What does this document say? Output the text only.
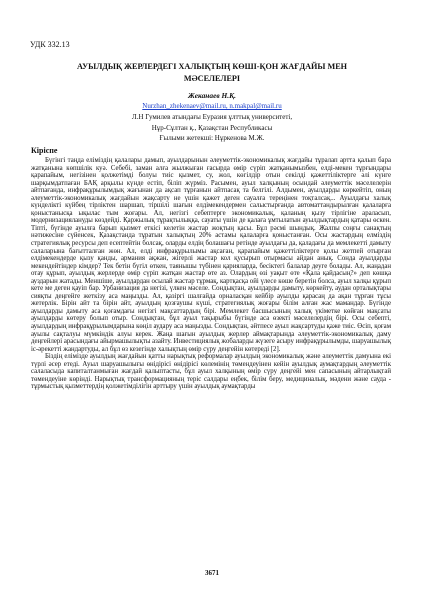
УДК 332.13
АУЫЛДЫҚ ЖЕРЛЕРДЕГІ ХАЛЫҚТЫҢ КӨШІ-ҚОН ЖАҒДАЙЫ МЕН
МӘСЕЛЕЛЕРІ
Жеканаев Н.Қ.
Nurzhan_zhekenaev@mail.ru, n.makpal@mail.ru
Л.Н Гумилев атындағы Еуразия ұлттық университеті,
Нұр-Сұлтан қ., Қазақстан Республикасы
Ғылыми жетекші: Нұркенова М.Ж.
Кіріспе

Бүгінгі таңда еліміздің қалалары дамып, ауылдарынын әлеуметтік-экономикалық жағдайы тұралап артта қалып бара жатқанына көпшілік куә. Себебі, заман алға жылжыған ғасырда өмір сүріп жатқанымызбен, елді-мекен тұрғындары қарапайым, негізінен қолжетімді болуы тиіс қызмет, су, жол, көгілдір отын секілді қажеттіліктерге әлі күнге шарқымдатпаған БАҚ арқылы күнде естіп, біліп жүрміз. Расымен, ауыл халқының осындай әлеуметтік мәселелерін айтпағанда, инфрақұрылымдық жағынан да ақсап тұрғанын айтпасақ та белгілі. Алдымен, ауылдарды көркейтіп, оның әлеуметтік-экономикалық жағдайын жақсарту не үшін қажет деген сауалға тереңінен тоқталсақ... Ауылдағы халық күнделікті күйбең тірліктен шаршап, тіршілі шағын елдімекендермен салыстырғанда автоматтандырылған қалаларға қоныстанысқа ықылас тым жоғары. Ал, негізгі себептерге экономикалық, қаланың қызу тірлігіне араласып, модернизациялануды көздейді. Қаржылық тұрақтылыққа, сауаты үшін де қалаға ұмтылатын ауылдықтардың қатары өскен. Тіпті, бүгінде ауылға барып қызмет еткісі келетін жастар жоқтың қасы. Бұл рәсмі шындық. Жалпы соңғы санақтың нәтижесіне сүйенсек, Қазақстанда тұратын халықтың 20% астамы қалаларға қоныстанған. Осы жастардың елміздің стратегиялық ресурсы деп есептейтін болсақ, оларды елдің болашағы ретінде ауылдағы да, қаладағы да мемлекетті дамыту салаларына бағытталған жөн. Ал, елді инфрақұрылымы ақсаған, қарапайым қажеттіліктерге қолы жетпей отырған елдімекендерде қызу қанды, армания ақжан, жігерлі жастар кол қусырып отырмасы айдан анық. Сонда ауылдарды мекендейтіндер кімдер? Тек бетін бүгіл өткен, таянышы түбінен қарияларда, бесіктегі балалар деуге болады. Ал, жаңадан отау құрып, ауылдық жерлерде өмір сүріп жатқан жастар өте аз. Олардың өзі уақыт өте «Қала қайдасың?» деп көшқа ауздарын жатады. Меншіше, ауылдардан осылай жастар тұрмақ, картқасқа ойі үлесе көше беретін болса, ауыл халқы құрып кете ме деген қауіп бар. Урбанизация да негізі, үлкен мәселе. Сондықтан, ауылдарды дамыту, көркейту, аудан орталықтары сияқты деңгейге жеткізу аса маңызды. Ал, қазіргі шалғайда орналасқан кейбір ауылды қарасаң да ақан тұрған тұсы жетерлік. Бірін айт та бірін айт, ауылдың қозғаушы күші, стратегиялық жоғары білім алған жас мамандар. Бүгінде ауылдарды дамыту аса қоғамдағы негізгі мақсаттардың бірі. Мемлекет басшысының халық үкіметке көйған мақсаты ауылдарды көтеру болып отыр. Сондықтан, бұл ауыл тақырыбы бүгінде аса өзекті мәселелердің бірі. Осы себепті, ауылдардың инфрақұрылымдарына көңіл аудару аса маңызды. Сондықтан, әйтпесе ауыл жақсартуды қаже тиіс. Өсіп, қоғам ауылы сақталуы мүмкіндік алуы керек. Жаңа шағын ауылдық жерлер аймақтарында әлеуметтік-экономикалық даму деңгейлері арасындағы айырмашылықты азайту. Инвестициялық жобаларды жүзеге асыру инфрақұрылымды, шаруашылық іс-әрекетті жандартуды, ал бұл өз кезегінде халықтың өмір сүру деңгейін көтереді [2].

Біздің елімізде ауылдың жағдайын қатты нарықтық реформалар ауылдың экономикалық және әлеуметтік дамуына екі түрлі әсер етеді. Ауыл шаруашылығы өнідірісі өнідірісі көлемінің төмендеуінен кейін ауылдық аумақтардың әлеуметтік салаласыда капиталтанмыған жағдай қалыптасты, бұл ауыл халқының өмір сүру деңгейі мен сапасының айтарлықтай төмендеуіне көрінді. Нарықтық трансформацияның теріс салдары еңбек, білім беру, медициналық, мәдени және сауда - тұрмыстық қызметтердің қолжетімділігін арттыру үшін ауылдық аумақтарды

3671
